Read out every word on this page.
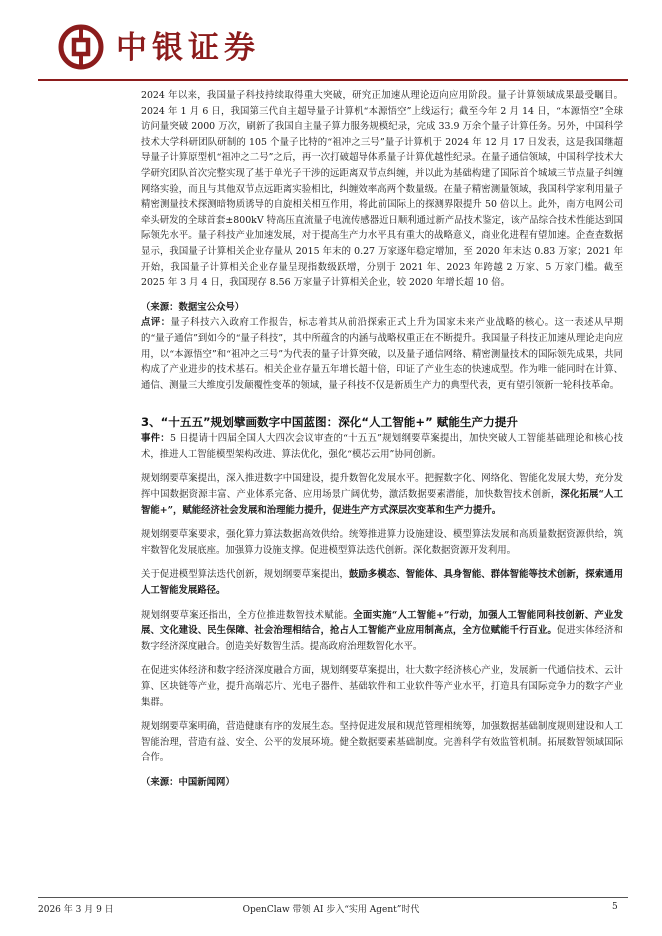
中银证券

2024 年以来，我国量子科技持续取得重大突破，研究正加速从理论迈向应用阶段。量子计算领域成果最受瞩目。2024 年 1 月 6 日，我国第三代自主超导量子计算机“本源悟空”上线运行；截至今年 2 月 14 日，“本源悟空”全球访问量突破 2000 万次，刷新了我国自主量子算力服务规模纪录，完成 33.9 万余个量子计算任务。另外，中国科学技术大学科研团队研制的 105 个量子比特的“祖冲之三号”量子计算机于 2024 年 12 月 17 日发表，这是我国继超导量子计算原型机“祖冲之二号”之后，再一次打破超导体系量子计算优越性纪录。在量子通信领域，中国科学技术大学研究团队首次完整实现了基于单光子干涉的远距离双节点纠缠，并以此为基础构建了国际首个城域三节点量子纠缠网络实验，而且与其他双节点远距离实验相比，纠缠效率高两个数量级。在量子精密测量领域，我国科学家利用量子精密测量技术探测暗物质诱导的自旋相关相互作用，将此前国际上的探测界限提升 50 倍以上。此外，南方电网公司牵头研发的全球首套±800kV 特高压直流量子电流传感器近日顺利通过新产品技术鉴定，该产品综合技术性能达到国际领先水平。量子科技产业加速发展，对于提高生产力水平具有重大的战略意义，商业化进程有望加速。企查查数据显示，我国量子计算相关企业存量从 2015 年末的 0.27 万家逐年稳定增加，至 2020 年末达 0.83 万家；2021 年开始，我国量子计算相关企业存量呈现指数级跃增，分别于 2021 年、2023 年跨越 2 万家、5 万家门槛。截至 2025 年 3 月 4 日，我国现存 8.56 万家量子计算相关企业，较 2020 年增长超 10 倍。

（来源：数据宝公众号）

点评：量子科技六入政府工作报告，标志着其从前沿探索正式上升为国家未来产业战略的核心。这一表述从早期的“量子通信”到如今的“量子科技”，其中所蕴含的内涵与战略权重正在不断提升。我国量子科技正加速从理论走向应用，以“本源悟空”和“祖冲之三号”为代表的量子计算突破，以及量子通信网络、精密测量技术的国际领先成果，共同构成了产业进步的技术基石。相关企业存量五年增长超十倍，印证了产业生态的快速成型。作为唯一能同时在计算、通信、测量三大维度引发颠覆性变革的领域，量子科技不仅是新质生产力的典型代表，更有望引领新一轮科技革命。

3、“十五五”规划擘画数字中国蓝图：深化“人工智能+” 赋能生产力提升

事件：5 日提请十四届全国人大四次会议审查的“十五五”规划纲要草案提出，加快突破人工智能基础理论和核心技术，推进人工智能模型架构改进、算法优化，强化“模芯云用”协同创新。

规划纲要草案提出，深入推进数字中国建设，提升数智化发展水平。把握数字化、网络化、智能化发展大势，充分发挥中国数据资源丰富、产业体系完备、应用场景广阔优势，激活数据要素潜能，加快数智技术创新，深化拓展“人工智能+”，赋能经济社会发展和治理能力提升，促进生产方式深层次变革和生产力提升。

规划纲要草案要求，强化算力算法数据高效供给。统筹推进算力设施建设、模型算法发展和高质量数据资源供给，筑牢数智化发展底座。加强算力设施支撑。促进模型算法迭代创新。深化数据资源开发利用。

关于促进模型算法迭代创新，规划纲要草案提出，鼓励多模态、智能体、具身智能、群体智能等技术创新，探索通用人工智能发展路径。

规划纲要草案还指出，全方位推进数智技术赋能。全面实施“人工智能+”行动，加强人工智能同科技创新、产业发展、文化建设、民生保障、社会治理相结合，抢占人工智能产业应用制高点，全方位赋能千行百业。促进实体经济和数字经济深度融合。创造美好数智生活。提高政府治理数智化水平。

在促进实体经济和数字经济深度融合方面，规划纲要草案提出，壮大数字经济核心产业，发展新一代通信技术、云计算、区块链等产业，提升高端芯片、光电子器件、基础软件和工业软件等产业水平，打造具有国际竞争力的数字产业集群。

规划纲要草案明确，营造健康有序的发展生态。坚持促进发展和规范管理相统筹，加强数据基础制度规则建设和人工智能治理，营造有益、安全、公平的发展环境。健全数据要素基础制度。完善科学有效监管机制。拓展数智领域国际合作。

（来源：中国新闻网）

2026 年 3 月 9 日	OpenClaw 带领 AI 步入“实用 Agent”时代	5
